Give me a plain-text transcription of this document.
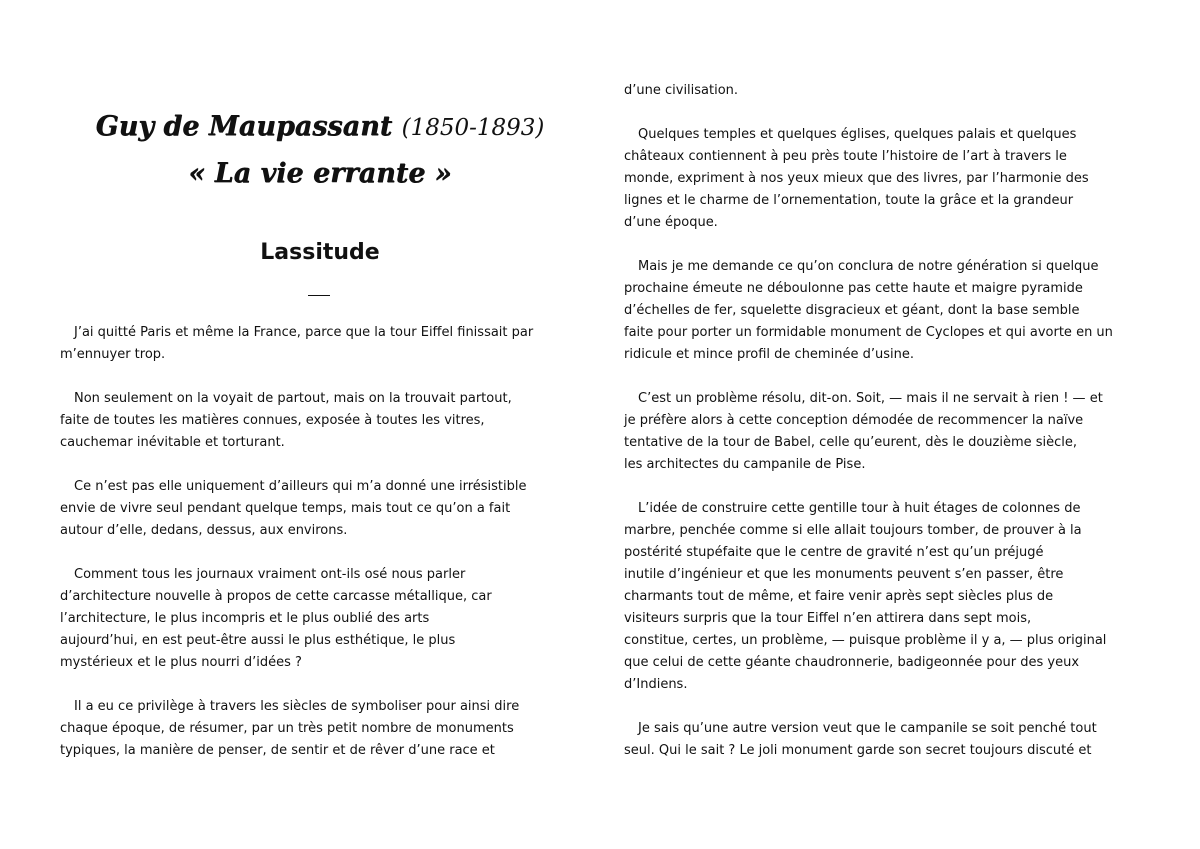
Guy de Maupassant (1850-1893)
« La vie errante »
Lassitude
J’ai quitté Paris et même la France, parce que la tour Eiffel finissait par
m’ennuyer trop.
Non seulement on la voyait de partout, mais on la trouvait partout,
faite de toutes les matières connues, exposée à toutes les vitres,
cauchemar inévitable et torturant.
Ce n’est pas elle uniquement d’ailleurs qui m’a donné une irrésistible
envie de vivre seul pendant quelque temps, mais tout ce qu’on a fait
autour d’elle, dedans, dessus, aux environs.
Comment tous les journaux vraiment ont-ils osé nous parler
d’architecture nouvelle à propos de cette carcasse métallique, car
l’architecture, le plus incompris et le plus oublié des arts
aujourd’hui, en est peut-être aussi le plus esthétique, le plus
mystérieux et le plus nourri d’idées ?
Il a eu ce privilège à travers les siècles de symboliser pour ainsi dire
chaque époque, de résumer, par un très petit nombre de monuments
typiques, la manière de penser, de sentir et de rêver d’une race et
d’une civilisation.
Quelques temples et quelques églises, quelques palais et quelques
châteaux contiennent à peu près toute l’histoire de l’art à travers le
monde, expriment à nos yeux mieux que des livres, par l’harmonie des
lignes et le charme de l’ornementation, toute la grâce et la grandeur
d’une époque.
Mais je me demande ce qu’on conclura de notre génération si quelque
prochaine émeute ne déboulonne pas cette haute et maigre pyramide
d’échelles de fer, squelette disgracieux et géant, dont la base semble
faite pour porter un formidable monument de Cyclopes et qui avorte en un
ridicule et mince profil de cheminée d’usine.
C’est un problème résolu, dit-on. Soit, — mais il ne servait à rien ! — et
je préfère alors à cette conception démodée de recommencer la naïve
tentative de la tour de Babel, celle qu’eurent, dès le douzième siècle,
les architectes du campanile de Pise.
L’idée de construire cette gentille tour à huit étages de colonnes de
marbre, penchée comme si elle allait toujours tomber, de prouver à la
postérité stupéfaite que le centre de gravité n’est qu’un préjugé
inutile d’ingénieur et que les monuments peuvent s’en passer, être
charmants tout de même, et faire venir après sept siècles plus de
visiteurs surpris que la tour Eiffel n’en attirera dans sept mois,
constitue, certes, un problème, — puisque problème il y a, — plus original
que celui de cette géante chaudronnerie, badigeonnée pour des yeux
d’Indiens.
Je sais qu’une autre version veut que le campanile se soit penché tout
seul. Qui le sait ? Le joli monument garde son secret toujours discuté et
